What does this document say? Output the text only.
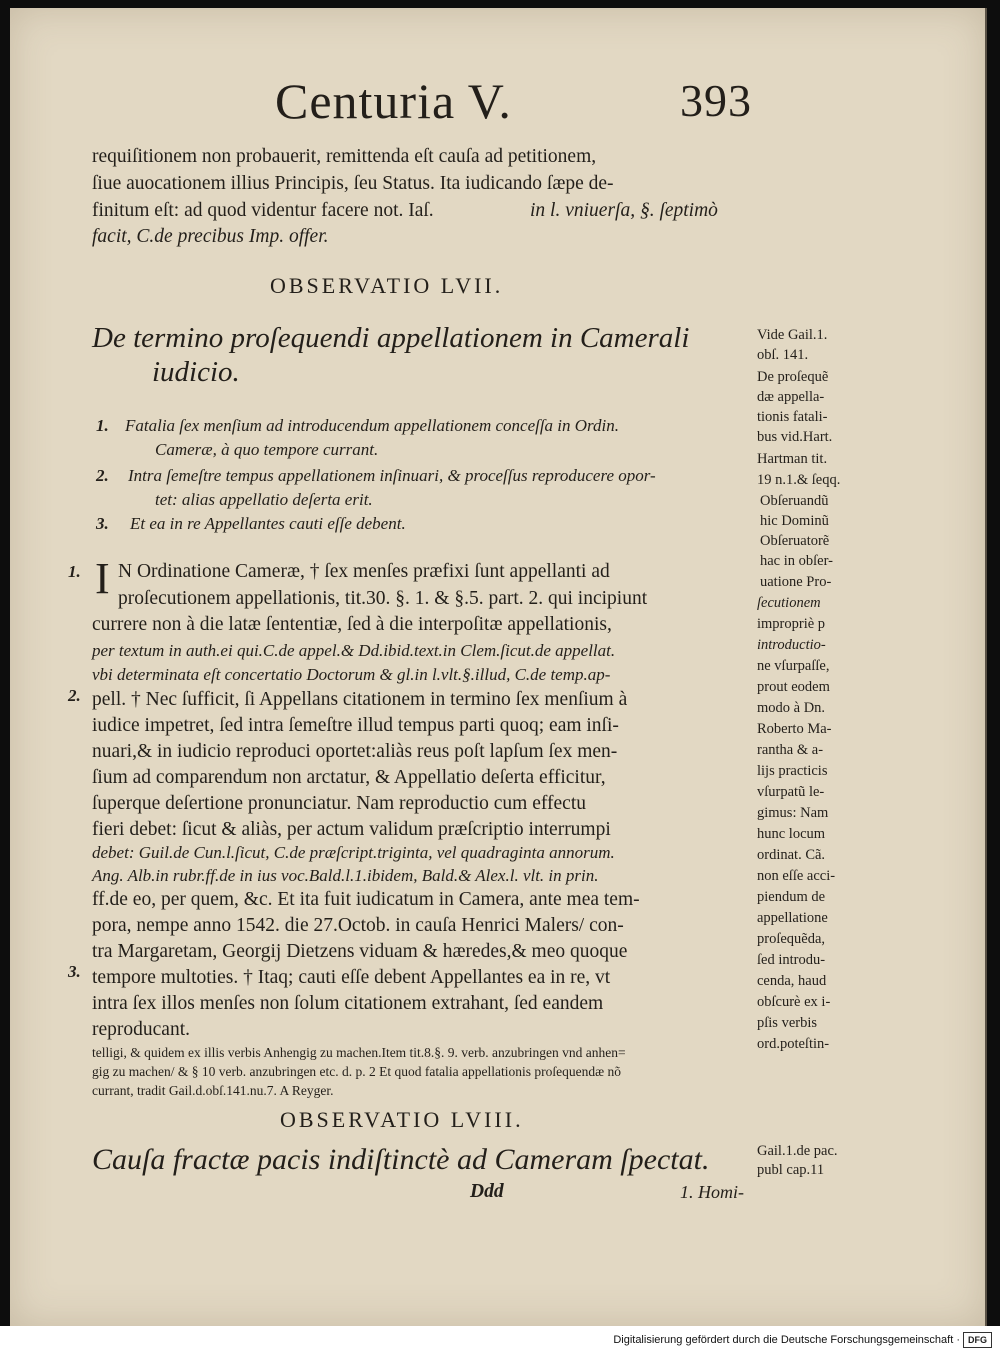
Centuria V.	393
requiſitionem non probauerit, remittenda eſt cauſa ad petitionem,
ſiue auocationem illius Principis, ſeu Status. Ita iudicando ſæpe de-
finitum eſt: ad quod videntur facere not. Iaſ.	in l. vniuerſa, §. ſeptimò
facit, C.de precibus Imp. offer.
OBSERVATIO LVII.
De termino proſequendi appellationem in Camerali
iudicio.
1. Fatalia ſex menſium ad introducendum appellationem conceſſa in Ordin.
Cameræ, à quo tempore currant.
2. Intra ſemeſtre tempus appellationem inſinuari, & proceſſus reproducere opor-
tet: alias appellatio deſerta erit.
3. Et ea in re Appellantes cauti eſſe debent.
1.
2.
3.
I N Ordinatione Cameræ, † ſex menſes præfixi ſunt appellanti ad
proſecutionem appellationis, tit.30. §. 1. & §.5. part. 2. qui incipiunt
currere non à die latæ ſententiæ, ſed à die interpoſitæ appellationis,
per textum in auth.ei qui.C.de appel.& Dd.ibid.text.in Clem.ſicut.de appellat.
vbi determinata eſt concertatio Doctorum & gl.in l.vlt.§.illud, C.de temp.ap-
pell. † Nec ſufficit, ſi Appellans citationem in termino ſex menſium à
iudice impetret, ſed intra ſemeſtre illud tempus parti quoq; eam inſi-
nuari,& in iudicio reproduci oportet:aliàs reus poſt lapſum ſex men-
ſium ad comparendum non arctatur, & Appellatio deſerta efficitur,
ſuperque deſertione pronunciatur. Nam reproductio cum effectu
fieri debet: ſicut & aliàs, per actum validum præſcriptio interrumpi
debet: Guil.de Cun.l.ſicut, C.de præſcript.triginta, vel quadraginta annorum.
Ang. Alb.in rubr.ff.de in ius voc.Bald.l.1.ibidem, Bald.& Alex.l. vlt. in prin.
ff.de eo, per quem, &c. Et ita fuit iudicatum in Camera, ante mea tem-
pora, nempe anno 1542. die 27.Octob. in cauſa Henrici Malers/ con-
tra Margaretam, Georgij Dietzens viduam & hæredes,& meo quoque
tempore multoties. † Itaq; cauti eſſe debent Appellantes ea in re, vt
intra ſex illos menſes non ſolum citationem extrahant, ſed eandem
reproducant.
telligi, & quidem ex illis verbis Anhengig zu machen.Item tit.8.§. 9. verb. anzubringen vnd anhen=
gig zu machen/ & § 10 verb. anzubringen etc. d. p. 2 Et quod fatalia appellationis proſequendæ nõ
currant, tradit Gail.d.obſ.141.nu.7. A Reyger.
Vide Gail.1.
obſ. 141.
De proſequẽ
dæ appella-
tionis fatali-
bus vid.Hart.
Hartman tit.
19 n.1.& ſeqq.
Obſeruandũ
hic Dominũ
Obſeruatorẽ
hac in obſer-
uatione Pro-
ſecutionem
impropriè p
introductio-
ne vſurpaſſe,
prout eodem
modo à Dn.
Roberto Ma-
rantha & a-
lijs practicis
vſurpatũ le-
gimus: Nam
hunc locum
ordinat. Cã.
non eſſe acci-
piendum de
appellatione
proſequẽda,
ſed introdu-
cenda, haud
obſcurè ex i-
pſis verbis
ord.poteſtin-
OBSERVATIO LVIII.
Cauſa fractæ pacis indiſtinctè ad Cameram ſpectat.	Gail.1.de pac.
publ cap.11
Ddd	1. Homi-
Digitalisierung gefördert durch die Deutsche Forschungsgemeinschaft · DFG
